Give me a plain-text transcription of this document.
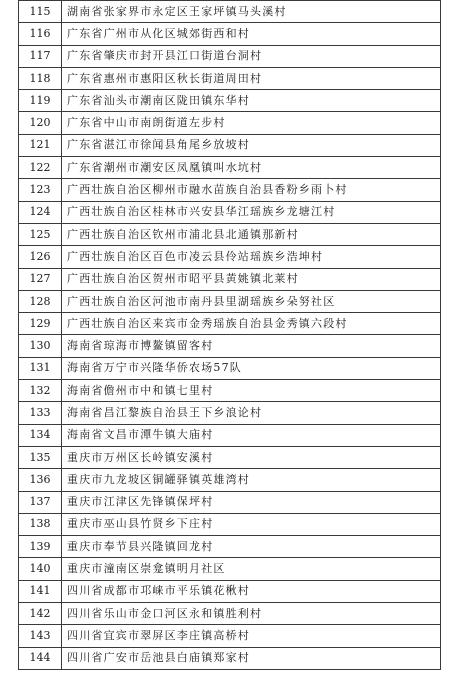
115	湖南省张家界市永定区王家坪镇马头溪村
116	广东省广州市从化区城郊街西和村
117	广东省肇庆市封开县江口街道台洞村
118	广东省惠州市惠阳区秋长街道周田村
119	广东省汕头市潮南区陇田镇东华村
120	广东省中山市南朗街道左步村
121	广东省湛江市徐闻县角尾乡放坡村
122	广东省潮州市潮安区凤凰镇叫水坑村
123	广西壮族自治区柳州市融水苗族自治县香粉乡雨卜村
124	广西壮族自治区桂林市兴安县华江瑶族乡龙塘江村
125	广西壮族自治区钦州市浦北县北通镇那新村
126	广西壮族自治区百色市凌云县伶站瑶族乡浩坤村
127	广西壮族自治区贺州市昭平县黄姚镇北莱村
128	广西壮族自治区河池市南丹县里湖瑶族乡朵努社区
129	广西壮族自治区来宾市金秀瑶族自治县金秀镇六段村
130	海南省琼海市博鳌镇留客村
131	海南省万宁市兴隆华侨农场57队
132	海南省儋州市中和镇七里村
133	海南省昌江黎族自治县王下乡浪论村
134	海南省文昌市潭牛镇大庙村
135	重庆市万州区长岭镇安溪村
136	重庆市九龙坡区铜罐驿镇英雄湾村
137	重庆市江津区先锋镇保坪村
138	重庆市巫山县竹贤乡下庄村
139	重庆市奉节县兴隆镇回龙村
140	重庆市潼南区崇龛镇明月社区
141	四川省成都市邛崃市平乐镇花楸村
142	四川省乐山市金口河区永和镇胜利村
143	四川省宜宾市翠屏区李庄镇高桥村
144	四川省广安市岳池县白庙镇郑家村
